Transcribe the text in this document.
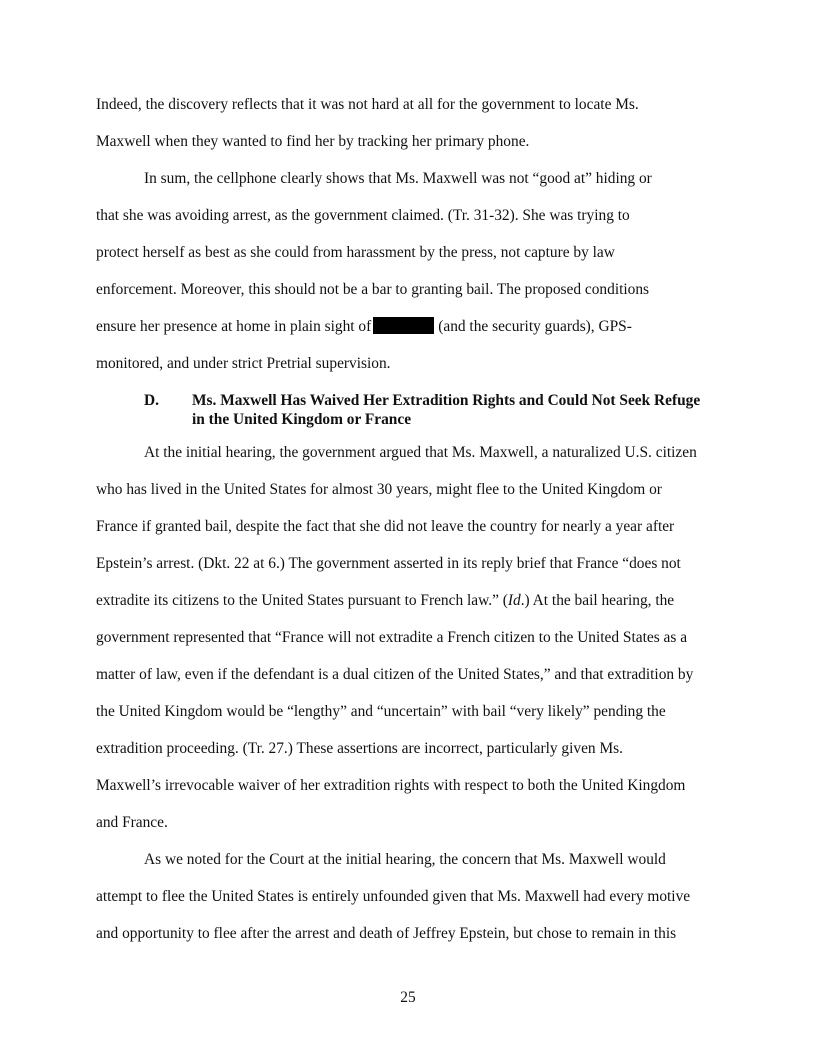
Indeed, the discovery reflects that it was not hard at all for the government to locate Ms.
Maxwell when they wanted to find her by tracking her primary phone.
In sum, the cellphone clearly shows that Ms. Maxwell was not “good at” hiding or
that she was avoiding arrest, as the government claimed. (Tr. 31-32). She was trying to
protect herself as best as she could from harassment by the press, not capture by law
enforcement. Moreover, this should not be a bar to granting bail. The proposed conditions
ensure her presence at home in plain sight of	(and the security guards), GPS-
monitored, and under strict Pretrial supervision.
D. Ms. Maxwell Has Waived Her Extradition Rights and Could Not Seek Refuge in the United Kingdom or France
At the initial hearing, the government argued that Ms. Maxwell, a naturalized U.S. citizen
who has lived in the United States for almost 30 years, might flee to the United Kingdom or
France if granted bail, despite the fact that she did not leave the country for nearly a year after
Epstein’s arrest. (Dkt. 22 at 6.) The government asserted in its reply brief that France “does not
extradite its citizens to the United States pursuant to French law.” (Id.) At the bail hearing, the
government represented that “France will not extradite a French citizen to the United States as a
matter of law, even if the defendant is a dual citizen of the United States,” and that extradition by
the United Kingdom would be “lengthy” and “uncertain” with bail “very likely” pending the
extradition proceeding. (Tr. 27.) These assertions are incorrect, particularly given Ms.
Maxwell’s irrevocable waiver of her extradition rights with respect to both the United Kingdom
and France.
As we noted for the Court at the initial hearing, the concern that Ms. Maxwell would
attempt to flee the United States is entirely unfounded given that Ms. Maxwell had every motive
and opportunity to flee after the arrest and death of Jeffrey Epstein, but chose to remain in this
25
